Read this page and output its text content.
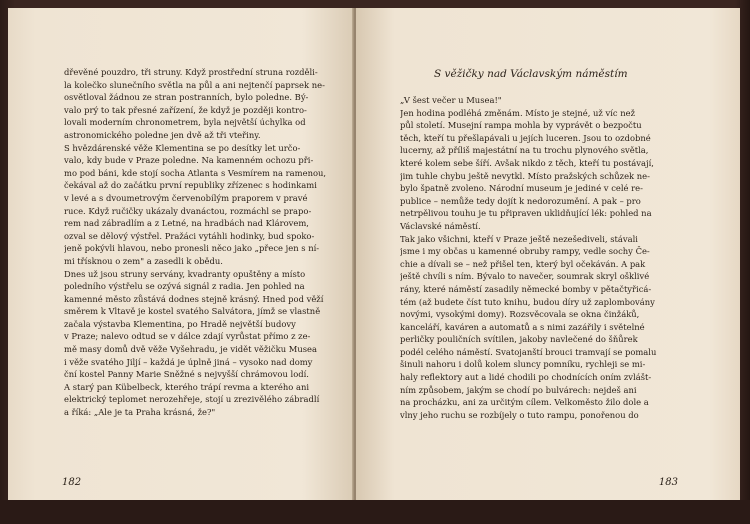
dřevěné pouzdro, tři struny. Když prostřední struna rozděli-
la kolečko slunečního světla na půl a ani nejtenčí paprsek ne-
osvětloval žádnou ze stran postranních, bylo poledne. Bý-
valo prý to tak přesné zařízení, že když je později kontro-
lovali moderním chronometrem, byla největší úchylka od
astronomického poledne jen dvě až tři vteřiny.
S hvězdárenské věže Klementina se po desítky let určo-
valo, kdy bude v Praze poledne. Na kamenném ochozu při-
mo pod báni, kde stojí socha Atlanta s Vesmírem na ramenou,
čekával až do začátku první republiky zřízenec s hodinkami
v levé a s dvoumetrovým červenobílým praporem v pravé
ruce. Když ručičky ukázaly dvanáctou, rozmáchl se prapo-
rem nad zábradlím a z Letné, na hradbách nad Klárovem,
ozval se dělový výstřel. Pražáci vytáhli hodinky, bud spoko-
jeně pokývli hlavou, nebo pronesli něco jako „přece jen s ní-
mi třísknou o zem" a zasedli k obědu.
Dnes už jsou struny servány, kvadranty opuštěny a místo
poledního výstřelu se ozývá signál z radia. Jen pohled na
kamenné město zůstává dodnes stejně krásný. Hned pod věží
směrem k Vltavě je kostel svatého Salvátora, jímž se vlastně
začala výstavba Klementina, po Hradě největší budovy
v Praze; nalevo odtud se v dálce zdají vyrůstat přímo z ze-
mě masy domů dvě věže Vyšehradu, je vidět věžičku Musea
i věže svatého Jiljí – každá je úplně jiná – vysoko nad domy
ční kostel Panny Marie Sněžné s nejvyšší chrámovou lodí.
A starý pan Kübelbeck, kterého trápí revma a kterého ani
elektrický teplomet nerozehřeje, stojí u zrezivělého zábradlí
a říká: „Ale je ta Praha krásná, že?"
182
S věžičky nad Václavským náměstím
„V šest večer u Musea!"
Jen hodina podléhá změnám. Místo je stejné, už víc než
půl století. Musejní rampa mohla by vyprávět o bezpočtu
těch, kteří tu přešlapávali u jejích luceren. Jsou to ozdobné
lucerny, až příliš majestátní na tu trochu plynového světla,
které kolem sebe šíří. Avšak nikdo z těch, kteří tu postávají,
jim tuhle chybu ještě nevytkl. Místo pražských schůzek ne-
bylo špatně zvoleno. Národní museum je jediné v celé re-
publice – nemůže tedy dojít k nedorozumění. A pak – pro
netrpělivou touhu je tu připraven uklidňující lék: pohled na
Václavské náměstí.
Tak jako všichni, kteří v Praze ještě nezešediveli, stávali
jsme i my občas u kamenné obruby rampy, vedle sochy Če-
chie a dívali se – než přišel ten, který byl očekáván. A pak
ještě chvíli s ním. Bývalo to navečer, soumrak skryl ošklivé
rány, které náměstí zasadily německé bomby v pětačtyřicá-
tém (až budete číst tuto knihu, budou díry už zaplombovány
novými, vysokými domy). Rozsvěcovala se okna činžáků,
kanceláří, kaváren a automatů a s nimi zazářily i světelné
perličky pouličních svítilen, jakoby navlečené do šňůrek
podél celého náměstí. Svatojanští brouci tramvají se pomalu
šinuli nahoru i dolů kolem sluncy pomníku, rychleji se mi-
haly reflektory aut a lidé chodili po chodnících oním zvlášt-
ním způsobem, jakým se chodí po bulvárech: nejdeš ani
na procházku, ani za určitým cílem. Velkoměsto žilo dole a
vlny jeho ruchu se rozbíjely o tuto rampu, ponořenou do
183
